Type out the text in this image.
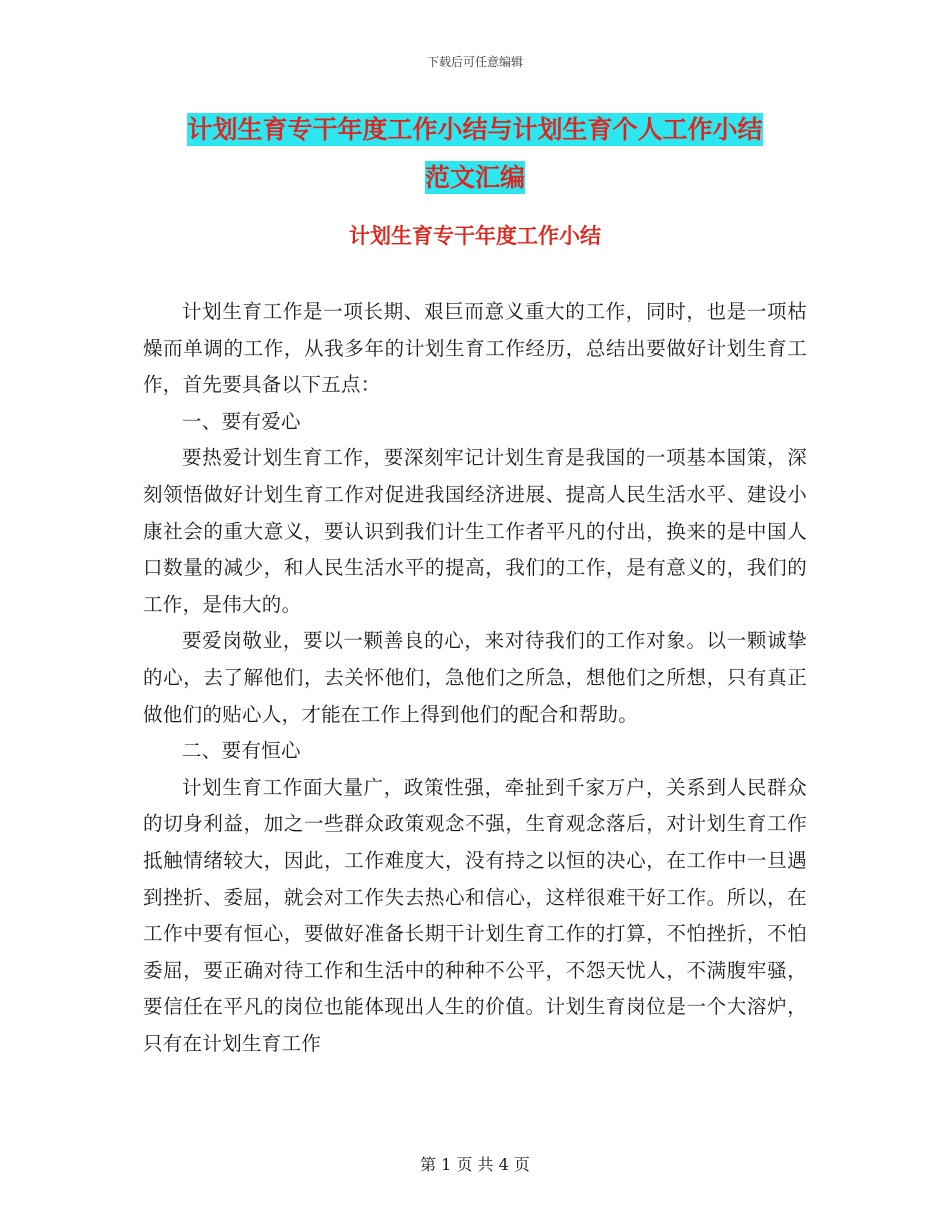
下载后可任意编辑
计划生育专干年度工作小结与计划生育个人工作小结
范文汇编
计划生育专干年度工作小结

计划生育工作是一项长期、艰巨而意义重大的工作，同时，也是一项枯燥而单调的工作，从我多年的计划生育工作经历，总结出要做好计划生育工作，首先要具备以下五点：

一、要有爱心

要热爱计划生育工作，要深刻牢记计划生育是我国的一项基本国策，深刻领悟做好计划生育工作对促进我国经济进展、提高人民生活水平、建设小康社会的重大意义，要认识到我们计生工作者平凡的付出，换来的是中国人口数量的减少，和人民生活水平的提高，我们的工作，是有意义的，我们的工作，是伟大的。

要爱岗敬业，要以一颗善良的心，来对待我们的工作对象。以一颗诚挚的心，去了解他们，去关怀他们，急他们之所急，想他们之所想，只有真正做他们的贴心人，才能在工作上得到他们的配合和帮助。

二、要有恒心

计划生育工作面大量广，政策性强，牵扯到千家万户，关系到人民群众的切身利益，加之一些群众政策观念不强，生育观念落后，对计划生育工作抵触情绪较大，因此，工作难度大，没有持之以恒的决心，在工作中一旦遇到挫折、委屈，就会对工作失去热心和信心，这样很难干好工作。所以，在工作中要有恒心，要做好准备长期干计划生育工作的打算，不怕挫折，不怕委屈，要正确对待工作和生活中的种种不公平，不怨天忧人，不满腹牢骚，要信任在平凡的岗位也能体现出人生的价值。计划生育岗位是一个大溶炉，只有在计划生育工作

第 1 页 共 4 页
